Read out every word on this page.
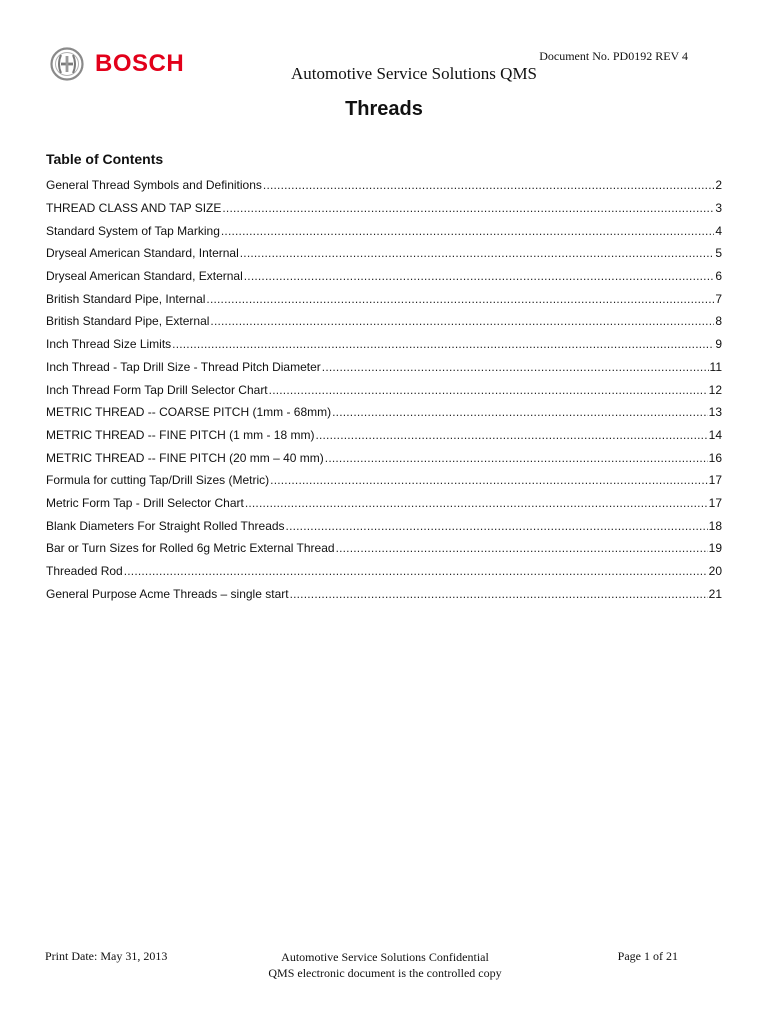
BOSCH	Document No. PD0192 REV 4
Automotive Service Solutions QMS
Threads
Table of Contents
General Thread Symbols and Definitions .....	2
THREAD CLASS AND TAP SIZE .....	3
Standard System of Tap Marking .....	4
Dryseal American Standard, Internal .....	5
Dryseal American Standard, External .....	6
British Standard Pipe, Internal .....	7
British Standard Pipe, External .....	8
Inch Thread Size Limits .....	9
Inch Thread - Tap Drill Size - Thread Pitch Diameter .....	11
Inch Thread Form Tap Drill Selector Chart .....	12
METRIC THREAD -- COARSE PITCH (1mm - 68mm) .....	13
METRIC THREAD -- FINE PITCH (1 mm - 18 mm) .....	14
METRIC THREAD -- FINE PITCH (20 mm – 40 mm) .....	16
Formula for cutting Tap/Drill Sizes (Metric) .....	17
Metric Form Tap - Drill Selector Chart .....	17
Blank Diameters For Straight Rolled Threads .....	18
Bar or Turn Sizes for Rolled 6g Metric External Thread .....	19
Threaded Rod .....	20
General Purpose Acme Threads – single start .....	21
Print Date: May 31, 2013	Automotive Service Solutions Confidential
QMS electronic document is the controlled copy
Page 1 of 21
